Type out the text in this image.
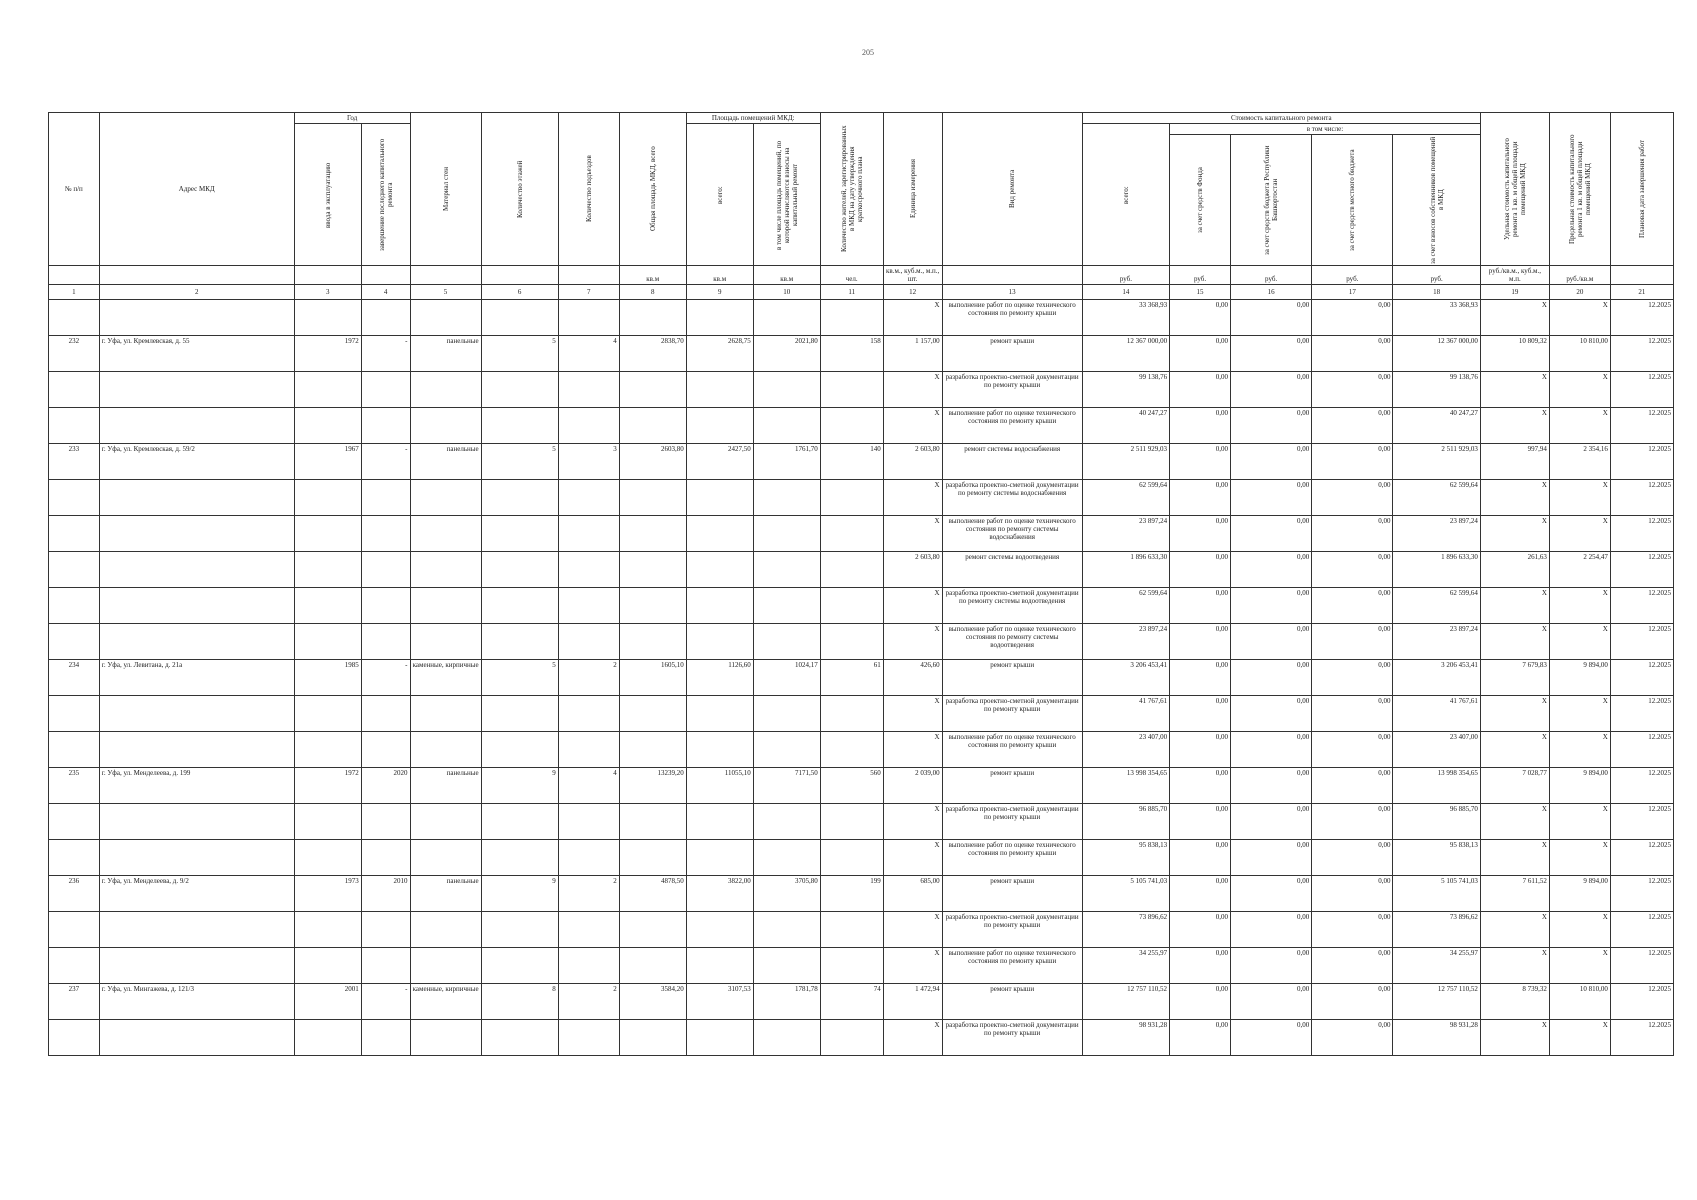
205
№ п/п	Адрес МКД	Год		Материал стен	Количество этажей	Количество подъездов	Общая площадь МКД, всего	Площадь помещений МКД:		Количество жителей, зарегистрированных в МКД на дату утверждения краткосрочного плана	Единица измерения	Вид ремонта	Стоимость капитального ремонта					Удельная стоимость капитального ремонта 1 кв. м общей площади помещений МКД	Предельная стоимость капитального ремонта 1 кв. м общей площади помещений МКД	Плановая дата завершения работ

		ввода в эксплуатацию	завершение последнего капитального ремонта					всего:	в том числе площадь помещений, по которой начисляются взносы на капитальный ремонт				всего:	в том числе:						

														за счет средств Фонда	за счет средств бюджета Республики Башкортостан	за счет средств местного бюджета	за счет взносов собственников помещений в МКД			

							кв.м	кв.м	кв.м	чел.	кв.м., куб.м., м.п., шт.		руб.	руб.	руб.	руб.	руб.	руб./кв.м., куб.м., м.п.	руб./кв.м	
1	2	3	4	5	6	7	8	9	10	11	12	13	14	15	16	17	18	19	20	21
											X	выполнение работ по оценке технического состояния по ремонту крыши	33 368,93	0,00	0,00	0,00	33 368,93	X	X	12.2025
232	г. Уфа, ул. Кремлевская, д. 55	1972	-	панельные	5	4	2838,70	2628,75	2021,80	158	1 157,00	ремонт крыши	12 367 000,00	0,00	0,00	0,00	12 367 000,00	10 809,32	10 810,00	12.2025
											X	разработка проектно-сметной документации по ремонту крыши	99 138,76	0,00	0,00	0,00	99 138,76	X	X	12.2025
											X	выполнение работ по оценке технического состояния по ремонту крыши	40 247,27	0,00	0,00	0,00	40 247,27	X	X	12.2025
233	г. Уфа, ул. Кремлевская, д. 59/2	1967	-	панельные	5	3	2603,80	2427,50	1761,70	140	2 603,80	ремонт системы водоснабжения	2 511 929,03	0,00	0,00	0,00	2 511 929,03	997,94	2 354,16	12.2025
											X	разработка проектно-сметной документации по ремонту системы водоснабжения	62 599,64	0,00	0,00	0,00	62 599,64	X	X	12.2025
											X	выполнение работ по оценке технического состояния по ремонту системы водоснабжения	23 897,24	0,00	0,00	0,00	23 897,24	X	X	12.2025
											2 603,80	ремонт системы водоотведения	1 896 633,30	0,00	0,00	0,00	1 896 633,30	261,63	2 254,47	12.2025
											X	разработка проектно-сметной документации по ремонту системы водоотведения	62 599,64	0,00	0,00	0,00	62 599,64	X	X	12.2025
											X	выполнение работ по оценке технического состояния по ремонту системы водоотведения	23 897,24	0,00	0,00	0,00	23 897,24	X	X	12.2025
234	г. Уфа, ул. Левитана, д. 21а	1985	-	каменные, кирпичные	5	2	1605,10	1126,60	1024,17	61	426,60	ремонт крыши	3 206 453,41	0,00	0,00	0,00	3 206 453,41	7 679,83	9 894,00	12.2025
											X	разработка проектно-сметной документации по ремонту крыши	41 767,61	0,00	0,00	0,00	41 767,61	X	X	12.2025
											X	выполнение работ по оценке технического состояния по ремонту крыши	23 407,00	0,00	0,00	0,00	23 407,00	X	X	12.2025
235	г. Уфа, ул. Менделеева, д. 199	1972	2020	панельные	9	4	13239,20	11055,10	7171,50	560	2 039,00	ремонт крыши	13 998 354,65	0,00	0,00	0,00	13 998 354,65	7 028,77	9 894,00	12.2025
											X	разработка проектно-сметной документации по ремонту крыши	96 885,70	0,00	0,00	0,00	96 885,70	X	X	12.2025
											X	выполнение работ по оценке технического состояния по ремонту крыши	95 838,13	0,00	0,00	0,00	95 838,13	X	X	12.2025
236	г. Уфа, ул. Менделеева, д. 9/2	1973	2010	панельные	9	2	4878,50	3822,00	3705,80	199	685,00	ремонт крыши	5 105 741,03	0,00	0,00	0,00	5 105 741,03	7 611,52	9 894,00	12.2025
											X	разработка проектно-сметной документации по ремонту крыши	73 896,62	0,00	0,00	0,00	73 896,62	X	X	12.2025
											X	выполнение работ по оценке технического состояния по ремонту крыши	34 255,97	0,00	0,00	0,00	34 255,97	X	X	12.2025
237	г. Уфа, ул. Мингажева, д. 121/3	2001	-	каменные, кирпичные	8	2	3584,20	3107,53	1781,78	74	1 472,94	ремонт крыши	12 757 110,52	0,00	0,00	0,00	12 757 110,52	8 739,32	10 810,00	12.2025
											X	разработка проектно-сметной документации по ремонту крыши	98 931,28	0,00	0,00	0,00	98 931,28	X	X	12.2025
